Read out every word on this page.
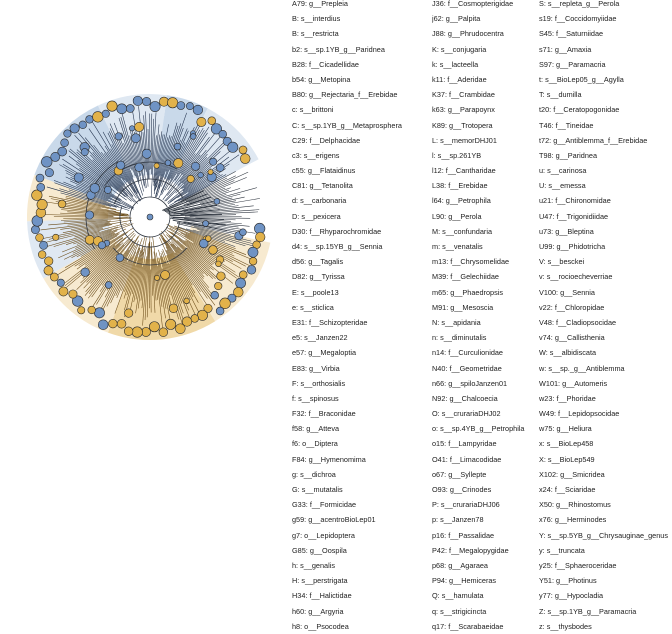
A79: g__Prepleia
B: s__interdius
B: s__restricta
b2: s__sp.1YB_g__Paridnea
B28: f__Cicadellidae
b54: g__Metopina
B80: g__Rejectaria_f__Erebidae
c: s__brittoni
C: s__sp.1YB_g__Metaprosphera
C29: f__Delphacidae
c3: s__erigens
c55: g__Flataidinus
C81: g__Tetanolita
d: s__carbonaria
D: s__pexicera
D30: f__Rhyparochromidae
d4: s__sp.15YB_g__Sennia
d56: g__Tagalis
D82: g__Tyrissa
E: s__poole13
e: s__sticlica
E31: f__Schizopteridae
e5: s__Janzen22
e57: g__Megaloptia
E83: g__Virbia
F: s__orthosialis
f: s__spinosus
F32: f__Braconidae
f58: g__Atteva
f6: o__Diptera
F84: g__Hymenomima
g: s__dichroa
G: s__mutatalis
G33: f__Formicidae
g59: g__acentroBioLep01
g7: o__Lepidoptera
G85: g__Oospila
h: s__genalis
H: s__perstrigata
H34: f__Halictidae
h60: g__Argyria
h8: o__Psocodea
J36: f__Cosmopterigidae
j62: g__Palpita
J88: g__Phrudocentra
K: s__conjugaria
k: s__lacteella
k11: f__Aderidae
K37: f__Crambidae
k63: g__Parapoynx
K89: g__Trotopera
L: s__memorDHJ01
l: s__sp.261YB
l12: f__Cantharidae
L38: f__Erebidae
l64: g__Petrophila
L90: g__Perola
M: s__confundaria
m: s__venatalis
m13: f__Chrysomelidae
M39: f__Gelechiidae
m65: g__Phaedropsis
M91: g__Mesoscia
N: s__apidania
n: s__diminutalis
n14: f__Curculionidae
N40: f__Geometridae
n66: g__spiloJanzen01
N92: g__Chalcoecia
O: s__crurariaDHJ02
o: s__sp.4YB_g__Petrophila
o15: f__Lampyridae
O41: f__Limacodidae
o67: g__Syllepte
O93: g__Crinodes
P: s__crurariaDHJ06
p: s__Janzen78
p16: f__Passalidae
P42: f__Megalopygidae
p68: g__Agaraea
P94: g__Hemiceras
Q: s__hamulata
q: s__strigicincta
q17: f__Scarabaeidae
S: s__repleta_g__Perola
s19: f__Coccidomyiidae
S45: f__Saturniidae
s71: g__Amaxia
S97: g__Paramacria
t: s__BioLep05_g__Agylla
T: s__dumilla
t20: f__Ceratopogonidae
T46: f__Tineidae
t72: g__Antiblemma_f__Erebidae
T98: g__Paridnea
u: s__carinosa
U: s__emessa
u21: f__Chironomidae
U47: f__Trigonidiidae
u73: g__Bleptina
U99: g__Phidotricha
V: s__besckei
v: s__rocioecheverriae
V100: g__Sennia
v22: f__Chloropidae
V48: f__Cladiopsocidae
v74: g__Callisthenia
W: s__albidiscata
w: s__sp._g__Antiblemma
W101: g__Automeris
w23: f__Phoridae
W49: f__Lepidopsocidae
w75: g__Heliura
x: s__BioLep458
X: s__BioLep549
X102: g__Smicridea
x24: f__Sciaridae
X50: g__Rhinostomus
x76: g__Herminodes
Y: s__sp.5YB_g__Chrysauginae_genus
y: s__truncata
y25: f__Sphaeroceridae
Y51: g__Photinus
y77: g__Hypocladia
Z: s__sp.1YB_g__Paramacria
z: s__thysbodes
